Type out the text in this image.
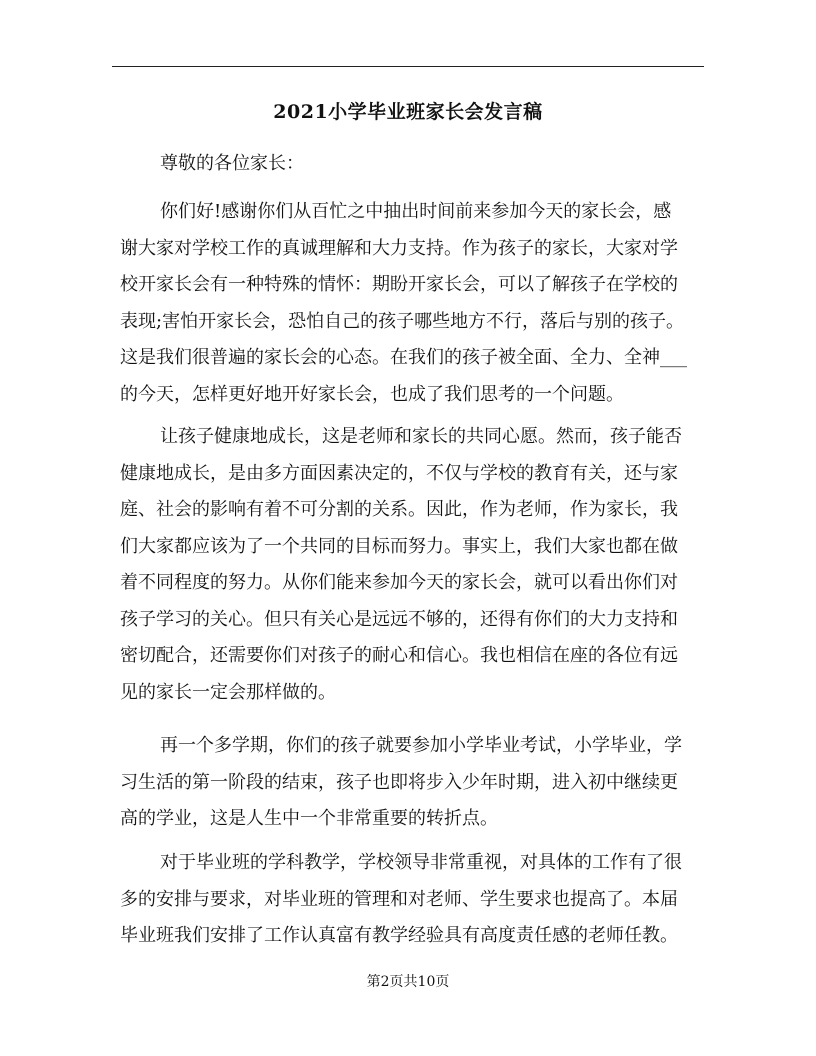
2021小学毕业班家长会发言稿
尊敬的各位家长：
你们好!感谢你们从百忙之中抽出时间前来参加今天的家长会，感
谢大家对学校工作的真诚理解和大力支持。作为孩子的家长，大家对学
校开家长会有一种特殊的情怀：期盼开家长会，可以了解孩子在学校的
表现;害怕开家长会，恐怕自己的孩子哪些地方不行，落后与别的孩子。
这是我们很普遍的家长会的心态。在我们的孩子被全面、全力、全神___
的今天，怎样更好地开好家长会，也成了我们思考的一个问题。
让孩子健康地成长，这是老师和家长的共同心愿。然而，孩子能否
健康地成长，是由多方面因素决定的，不仅与学校的教育有关，还与家
庭、社会的影响有着不可分割的关系。因此，作为老师，作为家长，我
们大家都应该为了一个共同的目标而努力。事实上，我们大家也都在做
着不同程度的努力。从你们能来参加今天的家长会，就可以看出你们对
孩子学习的关心。但只有关心是远远不够的，还得有你们的大力支持和
密切配合，还需要你们对孩子的耐心和信心。我也相信在座的各位有远
见的家长一定会那样做的。
再一个多学期，你们的孩子就要参加小学毕业考试，小学毕业，学
习生活的第一阶段的结束，孩子也即将步入少年时期，进入初中继续更
高的学业，这是人生中一个非常重要的转折点。
对于毕业班的学科教学，学校领导非常重视，对具体的工作有了很
多的安排与要求，对毕业班的管理和对老师、学生要求也提高了。本届
毕业班我们安排了工作认真富有教学经验具有高度责任感的老师任教。
第2页共10页
